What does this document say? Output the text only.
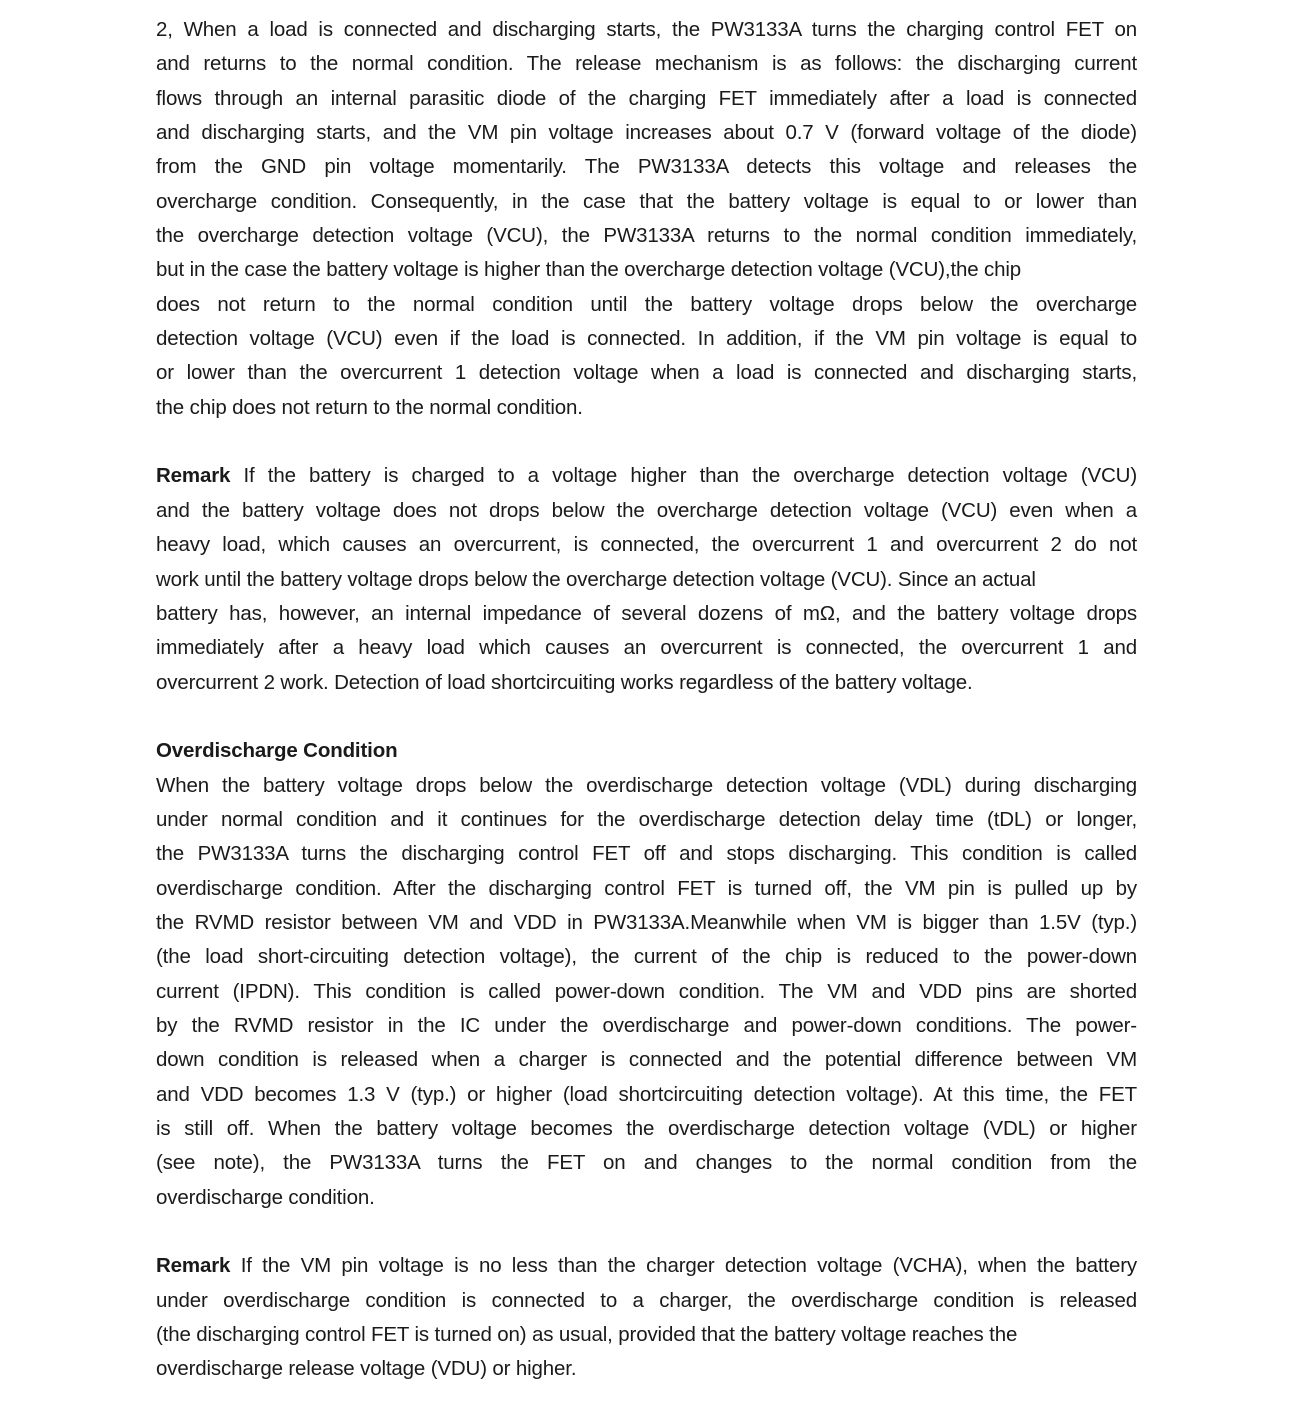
2, When a load is connected and discharging starts, the PW3133A turns the charging control FET on
and returns to the normal condition. The release mechanism is as follows: the discharging current
flows through an internal parasitic diode of the charging FET immediately after a load is connected
and discharging starts, and the VM pin voltage increases about 0.7 V (forward voltage of the diode)
from the GND pin voltage momentarily. The PW3133A detects this voltage and releases the
overcharge condition. Consequently, in the case that the battery voltage is equal to or lower than
the overcharge detection voltage (VCU), the PW3133A returns to the normal condition immediately,
but in the case the battery voltage is higher than the overcharge detection voltage (VCU),the chip
does not return to the normal condition until the battery voltage drops below the overcharge
detection voltage (VCU) even if the load is connected. In addition, if the VM pin voltage is equal to
or lower than the overcurrent 1 detection voltage when a load is connected and discharging starts,
the chip does not return to the normal condition.
Remark If the battery is charged to a voltage higher than the overcharge detection voltage (VCU)
and the battery voltage does not drops below the overcharge detection voltage (VCU) even when a
heavy load, which causes an overcurrent, is connected, the overcurrent 1 and overcurrent 2 do not
work until the battery voltage drops below the overcharge detection voltage (VCU). Since an actual
battery has, however, an internal impedance of several dozens of mΩ, and the battery voltage drops
immediately after a heavy load which causes an overcurrent is connected, the overcurrent 1 and
overcurrent 2 work. Detection of load shortcircuiting works regardless of the battery voltage.
Overdischarge Condition
When the battery voltage drops below the overdischarge detection voltage (VDL) during discharging
under normal condition and it continues for the overdischarge detection delay time (tDL) or longer,
the PW3133A turns the discharging control FET off and stops discharging. This condition is called
overdischarge condition. After the discharging control FET is turned off, the VM pin is pulled up by
the RVMD resistor between VM and VDD in PW3133A.Meanwhile when VM is bigger than 1.5V (typ.)
(the load short-circuiting detection voltage), the current of the chip is reduced to the power-down
current (IPDN). This condition is called power-down condition. The VM and VDD pins are shorted
by the RVMD resistor in the IC under the overdischarge and power-down conditions. The power-
down condition is released when a charger is connected and the potential difference between VM
and VDD becomes 1.3 V (typ.) or higher (load shortcircuiting detection voltage). At this time, the FET
is still off. When the battery voltage becomes the overdischarge detection voltage (VDL) or higher
(see note), the PW3133A turns the FET on and changes to the normal condition from the
overdischarge condition.
Remark If the VM pin voltage is no less than the charger detection voltage (VCHA), when the battery
under overdischarge condition is connected to a charger, the overdischarge condition is released
(the discharging control FET is turned on) as usual, provided that the battery voltage reaches the
overdischarge release voltage (VDU) or higher.
